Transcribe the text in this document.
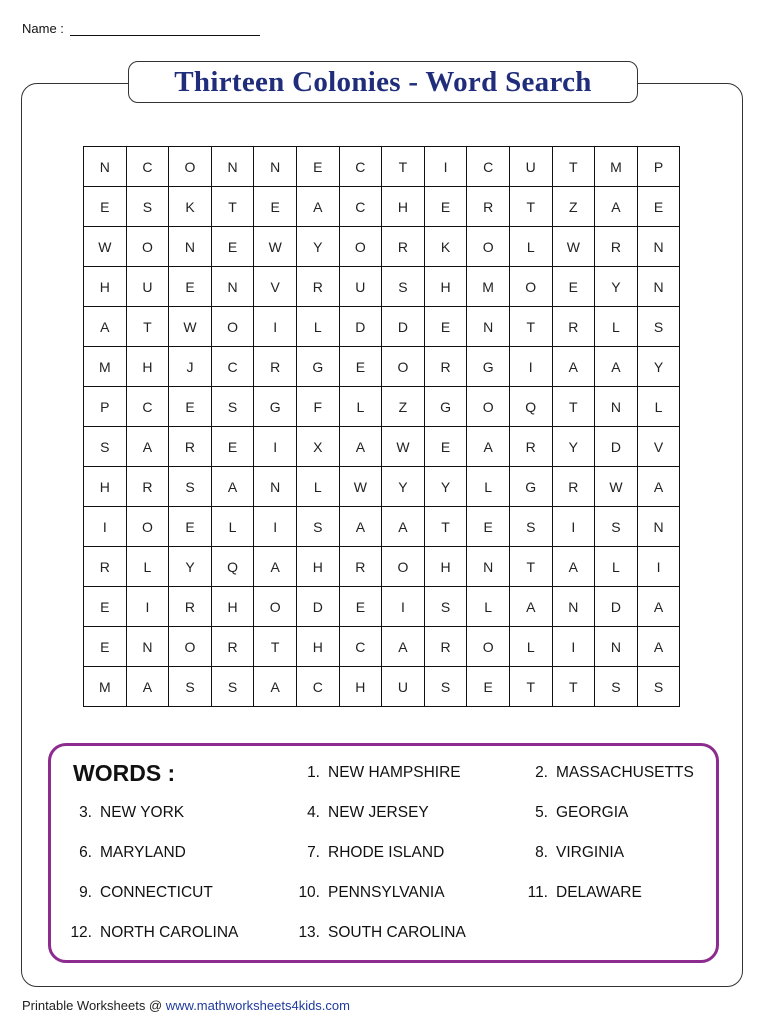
Name :
Thirteen Colonies - Word Search
N	C	O	N	N	E	C	T	I	C	U	T	M	P
E	S	K	T	E	A	C	H	E	R	T	Z	A	E
W	O	N	E	W	Y	O	R	K	O	L	W	R	N
H	U	E	N	V	R	U	S	H	M	O	E	Y	N
A	T	W	O	I	L	D	D	E	N	T	R	L	S
M	H	J	C	R	G	E	O	R	G	I	A	A	Y
P	C	E	S	G	F	L	Z	G	O	Q	T	N	L
S	A	R	E	I	X	A	W	E	A	R	Y	D	V
H	R	S	A	N	L	W	Y	Y	L	G	R	W	A
I	O	E	L	I	S	A	A	T	E	S	I	S	N
R	L	Y	Q	A	H	R	O	H	N	T	A	L	I
E	I	R	H	O	D	E	I	S	L	A	N	D	A
E	N	O	R	T	H	C	A	R	O	L	I	N	A
M	A	S	S	A	C	H	U	S	E	T	T	S	S
WORDS :	1. NEW HAMPSHIRE	2. MASSACHUSETTS
3. NEW YORK	4. NEW JERSEY	5. GEORGIA
6. MARYLAND	7. RHODE ISLAND	8. VIRGINIA
9. CONNECTICUT	10. PENNSYLVANIA	11. DELAWARE
12. NORTH CAROLINA	13. SOUTH CAROLINA
Printable Worksheets @ www.mathworksheets4kids.com
